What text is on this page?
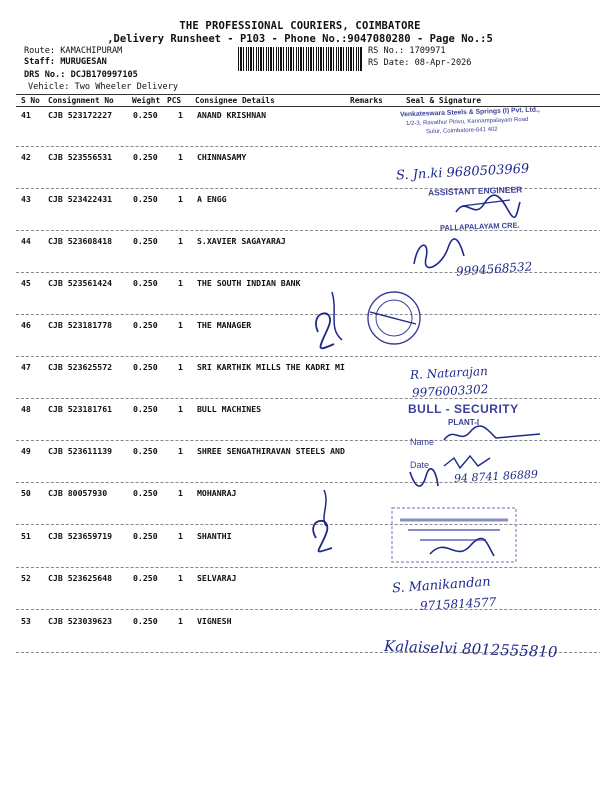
THE PROFESSIONAL COURIERS, COIMBATORE
,Delivery Runsheet - P103 - Phone No.:9047080280 - Page No.:5
Route: KAMACHIPURAM
Staff: MURUGESAN
DRS No.: DCJB170997105
Vehicle: Two Wheeler Delivery
RS No.: 1709971
RS Date: 08-Apr-2026
S No Consignment No Weight PCS Consignee Details	Remarks	Seal & Signature
41 CJB 523172227	0.250 1 ANAND KRISHNAN
42 CJB 523556531	0.250 1 CHINNASAMY
43 CJB 523422431	0.250 1 A ENGG
44 CJB 523608418	0.250 1 S.XAVIER SAGAYARAJ
45 CJB 523561424	0.250 1 THE SOUTH INDIAN BANK
46 CJB 523181778	0.250 1 THE MANAGER
47 CJB 523625572	0.250 1 SRI KARTHIK MILLS THE KADRI MI
48 CJB 523181761	0.250 1 BULL MACHINES
49 CJB 523611139	0.250 1 SHREE SENGATHIRAVAN STEELS AND
50 CJB 80057930	0.250 1 MOHANRAJ
51 CJB 523659719	0.250 1 SHANTHI
52 CJB 523625648	0.250 1 SELVARAJ
53 CJB 523039623	0.250 1 VIGNESH
Venkateswara Steels & Springs (I) Pvt. Ltd.,
1/2-3, Ravathur Pirivu, Kannampalayam Road
Sulur, Coimbatore-641 402
S. Jn.ki 9680503969
ASSISTANT ENGINEER
PALLAPALAYAM CRE.
9994568532
R. Natarajan
9976003302
BULL - SECURITY
PLANT-I
Name
Date
94 8741 86889
S. Manikandan
9715814577
Kalaiselvi 8012555810
